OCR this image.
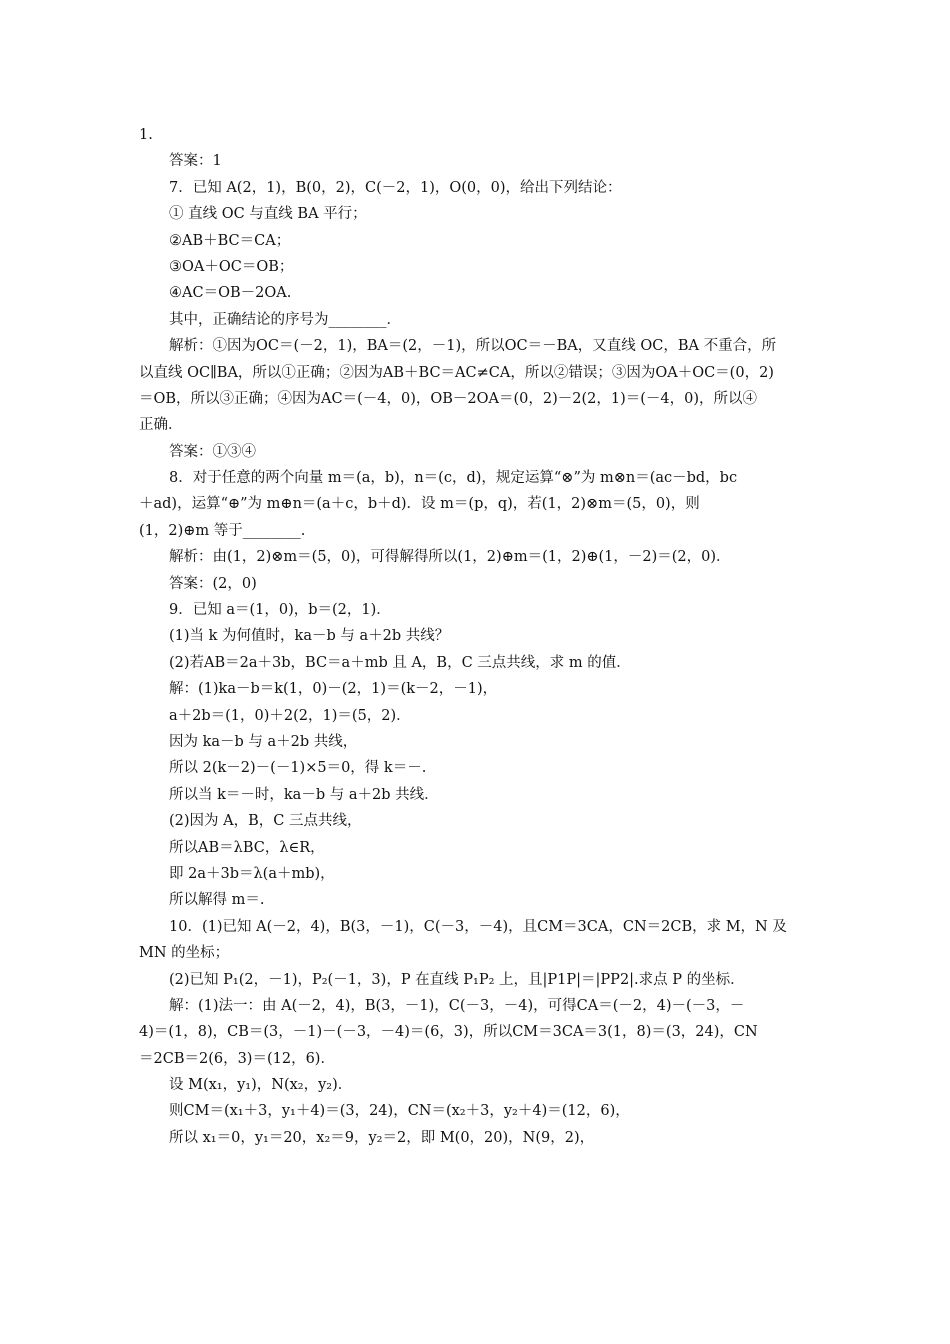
1.
答案：1
7．已知 A(2，1)，B(0，2)，C(－2，1)，O(0，0)，给出下列结论：
① 直线 OC 与直线 BA 平行；
②AB＋BC＝CA；
③OA＋OC＝OB；
④AC＝OB－2OA.
其中，正确结论的序号为________．
解析：①因为OC＝(－2，1)，BA＝(2，－1)，所以OC＝－BA，又直线 OC，BA 不重合，所
以直线 OC∥BA，所以①正确；②因为AB＋BC＝AC≠CA，所以②错误；③因为OA＋OC＝(0，2)
＝OB，所以③正确；④因为AC＝(－4，0)，OB－2OA＝(0，2)－2(2，1)＝(－4，0)，所以④
正确．
答案：①③④
8．对于任意的两个向量 m＝(a，b)，n＝(c，d)，规定运算“⊗”为 m⊗n＝(ac－bd，bc
＋ad)，运算“⊕”为 m⊕n＝(a＋c，b＋d)．设 m＝(p，q)，若(1，2)⊗m＝(5，0)，则
(1，2)⊕m 等于________.
解析：由(1，2)⊗m＝(5，0)，可得解得所以(1，2)⊕m＝(1，2)⊕(1，－2)＝(2，0)．
答案：(2，0)
9．已知 a＝(1，0)，b＝(2，1)．
(1)当 k 为何值时，ka－b 与 a＋2b 共线？
(2)若AB＝2a＋3b，BC＝a＋mb 且 A，B，C 三点共线，求 m 的值．
解：(1)ka－b＝k(1，0)－(2，1)＝(k－2，－1)，
a＋2b＝(1，0)＋2(2，1)＝(5，2)．
因为 ka－b 与 a＋2b 共线，
所以 2(k－2)－(－1)×5＝0，得 k＝－.
所以当 k＝－时，ka－b 与 a＋2b 共线．
(2)因为 A，B，C 三点共线，
所以AB＝λBC，λ∈R，
即 2a＋3b＝λ(a＋mb)，
所以解得 m＝.
10．(1)已知 A(－2，4)，B(3，－1)，C(－3，－4)，且CM＝3CA，CN＝2CB，求 M，N 及
MN 的坐标；
(2)已知 P₁(2，－1)，P₂(－1，3)，P 在直线 P₁P₂ 上，且|P1P|＝|PP2|.求点 P 的坐标．
解：(1)法一：由 A(－2，4)，B(3，－1)，C(－3，－4)，可得CA＝(－2，4)－(－3，－
4)＝(1，8)，CB＝(3，－1)－(－3，－4)＝(6，3)，所以CM＝3CA＝3(1，8)＝(3，24)，CN
＝2CB＝2(6，3)＝(12，6)．
设 M(x₁，y₁)，N(x₂，y₂)．
则CM＝(x₁＋3，y₁＋4)＝(3，24)，CN＝(x₂＋3，y₂＋4)＝(12，6)，
所以 x₁＝0，y₁＝20，x₂＝9，y₂＝2，即 M(0，20)，N(9，2)，
